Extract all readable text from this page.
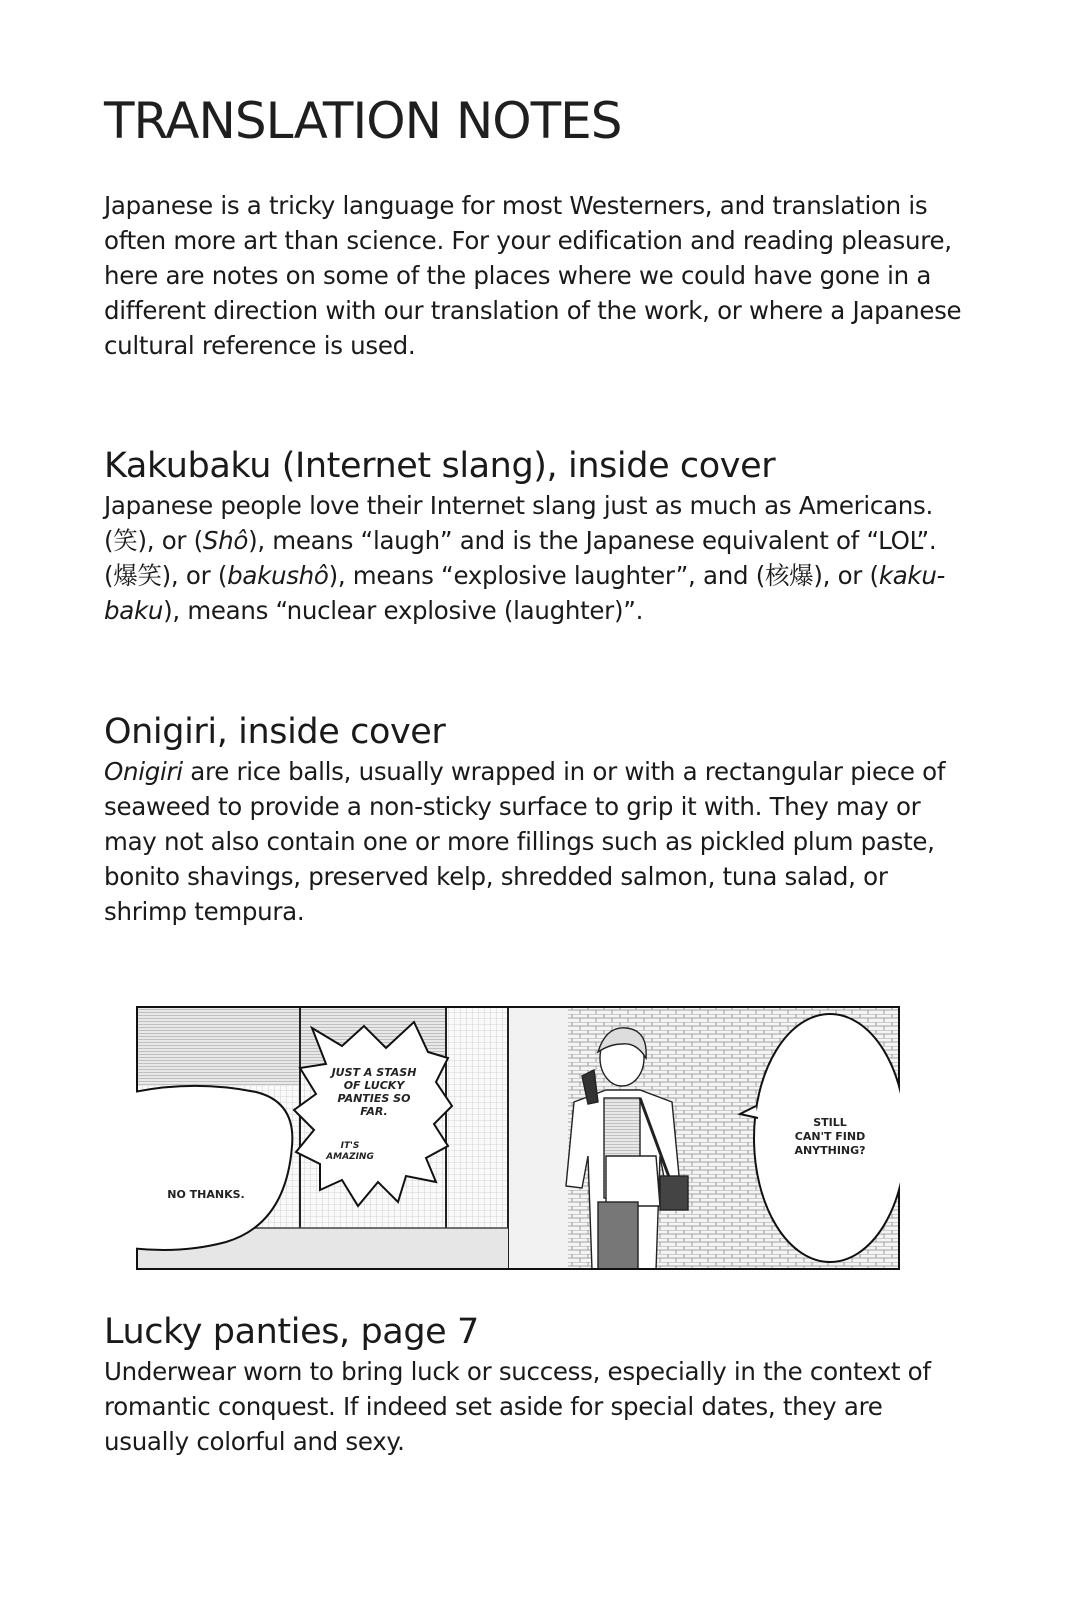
TRANSLATION NOTES

Japanese is a tricky language for most Westerners, and translation is often more art than science. For your edification and reading pleasure, here are notes on some of the places where we could have gone in a different direction with our translation of the work, or where a Japanese cultural reference is used.

Kakubaku (Internet slang), inside cover

Japanese people love their Internet slang just as much as Americans. (笑), or (Shô), means “laugh” and is the Japanese equivalent of “LOL”. (爆笑), or (bakushô), means “explosive laughter”, and (核爆), or (kaku-baku), means “nuclear explosive (laughter)”.

Onigiri, inside cover

Onigiri are rice balls, usually wrapped in or with a rectangular piece of seaweed to provide a non-sticky surface to grip it with. They may or may not also contain one or more fillings such as pickled plum paste, bonito shavings, preserved kelp, shredded salmon, tuna salad, or shrimp tempura.

NO THANKS.
JUST A STASH
OF LUCKY
PANTIES SO
FAR.
IT'S
AMAZING
STILL
CAN'T FIND
ANYTHING?
Lucky panties, page 7

Underwear worn to bring luck or success, especially in the context of romantic conquest. If indeed set aside for special dates, they are usually colorful and sexy.
